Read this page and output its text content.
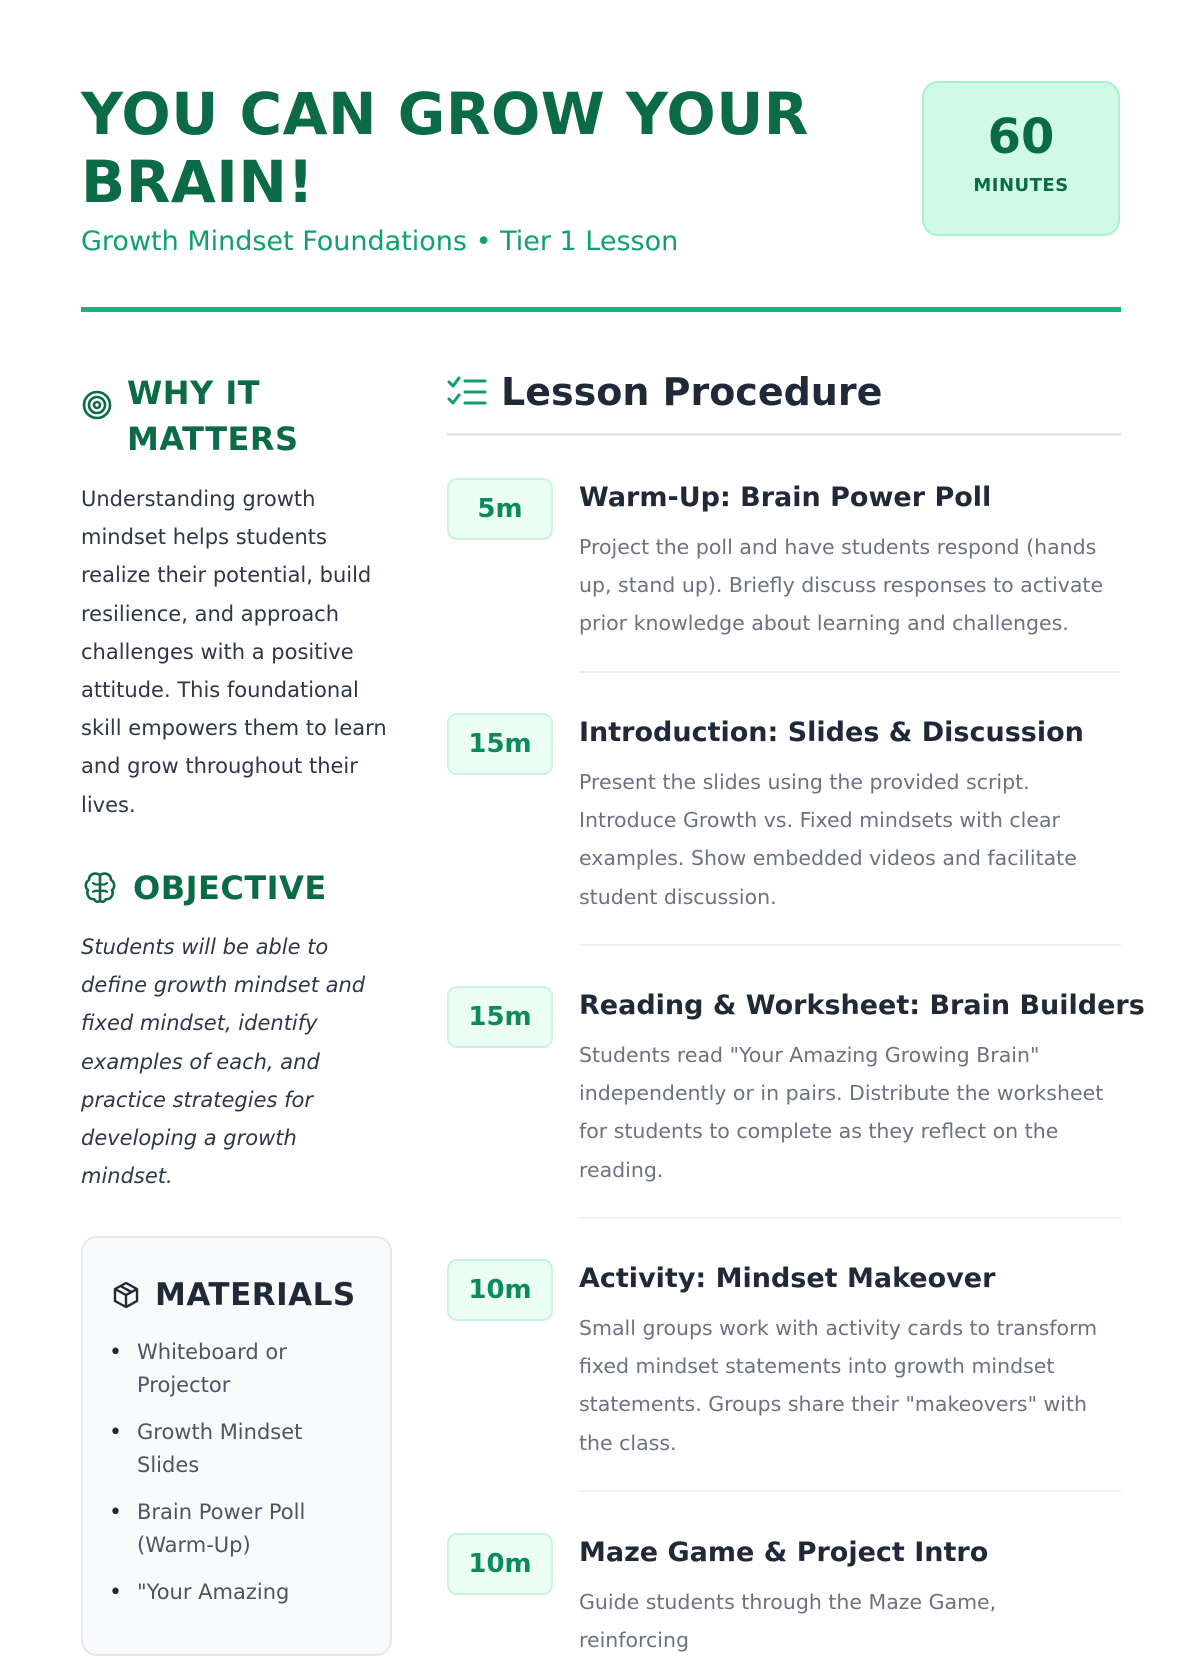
YOU CAN GROW YOUR BRAIN!
Growth Mindset Foundations • Tier 1 Lesson
60
MINUTES
WHY IT MATTERS

Understanding growth mindset helps students realize their potential, build resilience, and approach challenges with a positive attitude. This foundational skill empowers them to learn and grow throughout their lives.

OBJECTIVE

Students will be able to define growth mindset and fixed mindset, identify examples of each, and practice strategies for developing a growth mindset.

MATERIALS
• Whiteboard or Projector
• Growth Mindset Slides
• Brain Power Poll (Warm-Up)
• "Your Amazing
Lesson Procedure
5m	Warm-Up: Brain Power Poll

Project the poll and have students respond (hands up, stand up). Briefly discuss responses to activate prior knowledge about learning and challenges.

15m	Introduction: Slides & Discussion

Present the slides using the provided script. Introduce Growth vs. Fixed mindsets with clear examples. Show embedded videos and facilitate student discussion.

15m	Reading & Worksheet: Brain Builders

Students read "Your Amazing Growing Brain" independently or in pairs. Distribute the worksheet for students to complete as they reflect on the reading.

10m	Activity: Mindset Makeover

Small groups work with activity cards to transform fixed mindset statements into growth mindset statements. Groups share their "makeovers" with the class.

10m	Maze Game & Project Intro

Guide students through the Maze Game, reinforcing
